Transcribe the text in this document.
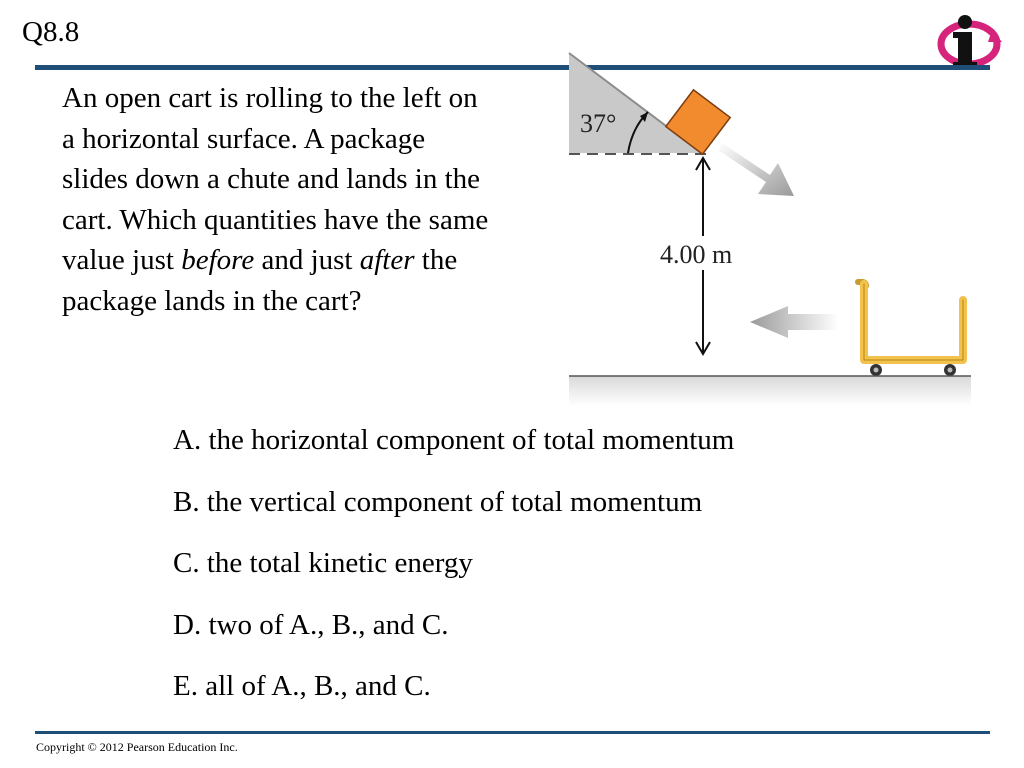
Q8.8
An open cart is rolling to the left on a horizontal surface. A package slides down a chute and lands in the cart. Which quantities have the same value just before and just after the package lands in the cart?
37°
4.00 m
A. the horizontal component of total momentum
B. the vertical component of total momentum
C. the total kinetic energy
D. two of A., B., and C.
E. all of A., B., and C.
Copyright © 2012 Pearson Education Inc.
